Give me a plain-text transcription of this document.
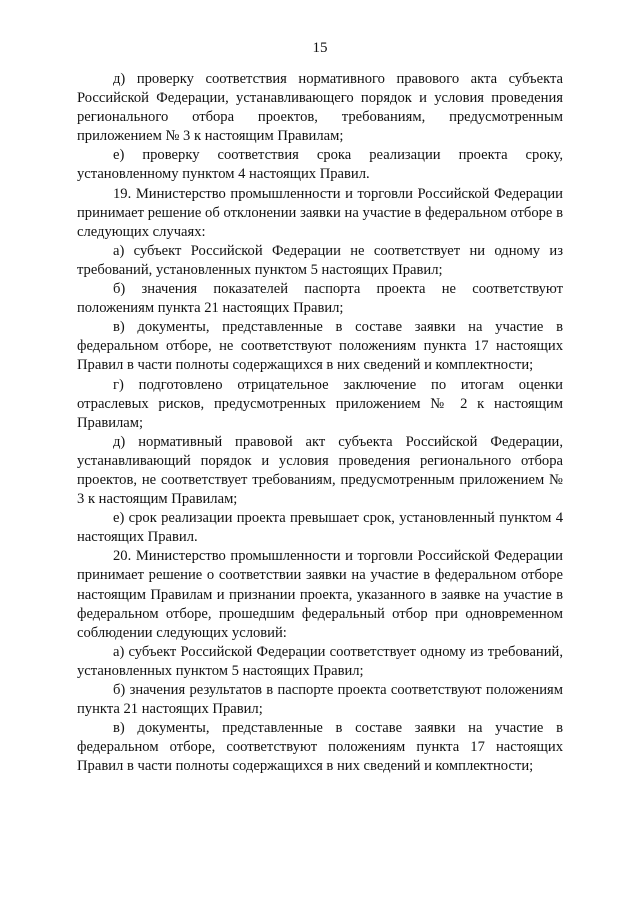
15

д) проверку соответствия нормативного правового акта субъекта Российской Федерации, устанавливающего порядок и условия проведения регионального отбора проектов, требованиям, предусмотренным приложением № 3 к настоящим Правилам;

е) проверку соответствия срока реализации проекта сроку, установленному пунктом 4 настоящих Правил.

19. Министерство промышленности и торговли Российской Федерации принимает решение об отклонении заявки на участие в федеральном отборе в следующих случаях:

а) субъект Российской Федерации не соответствует ни одному из требований, установленных пунктом 5 настоящих Правил;

б) значения показателей паспорта проекта не соответствуют положениям пункта 21 настоящих Правил;

в) документы, представленные в составе заявки на участие в федеральном отборе, не соответствуют положениям пункта 17 настоящих Правил в части полноты содержащихся в них сведений и комплектности;

г) подготовлено отрицательное заключение по итогам оценки отраслевых рисков, предусмотренных приложением № 2 к настоящим Правилам;

д) нормативный правовой акт субъекта Российской Федерации, устанавливающий порядок и условия проведения регионального отбора проектов, не соответствует требованиям, предусмотренным приложением № 3 к настоящим Правилам;

е) срок реализации проекта превышает срок, установленный пунктом 4 настоящих Правил.

20. Министерство промышленности и торговли Российской Федерации принимает решение о соответствии заявки на участие в федеральном отборе настоящим Правилам и признании проекта, указанного в заявке на участие в федеральном отборе, прошедшим федеральный отбор при одновременном соблюдении следующих условий:

а) субъект Российской Федерации соответствует одному из требований, установленных пунктом 5 настоящих Правил;

б) значения результатов в паспорте проекта соответствуют положениям пункта 21 настоящих Правил;

в) документы, представленные в составе заявки на участие в федеральном отборе, соответствуют положениям пункта 17 настоящих Правил в части полноты содержащихся в них сведений и комплектности;
